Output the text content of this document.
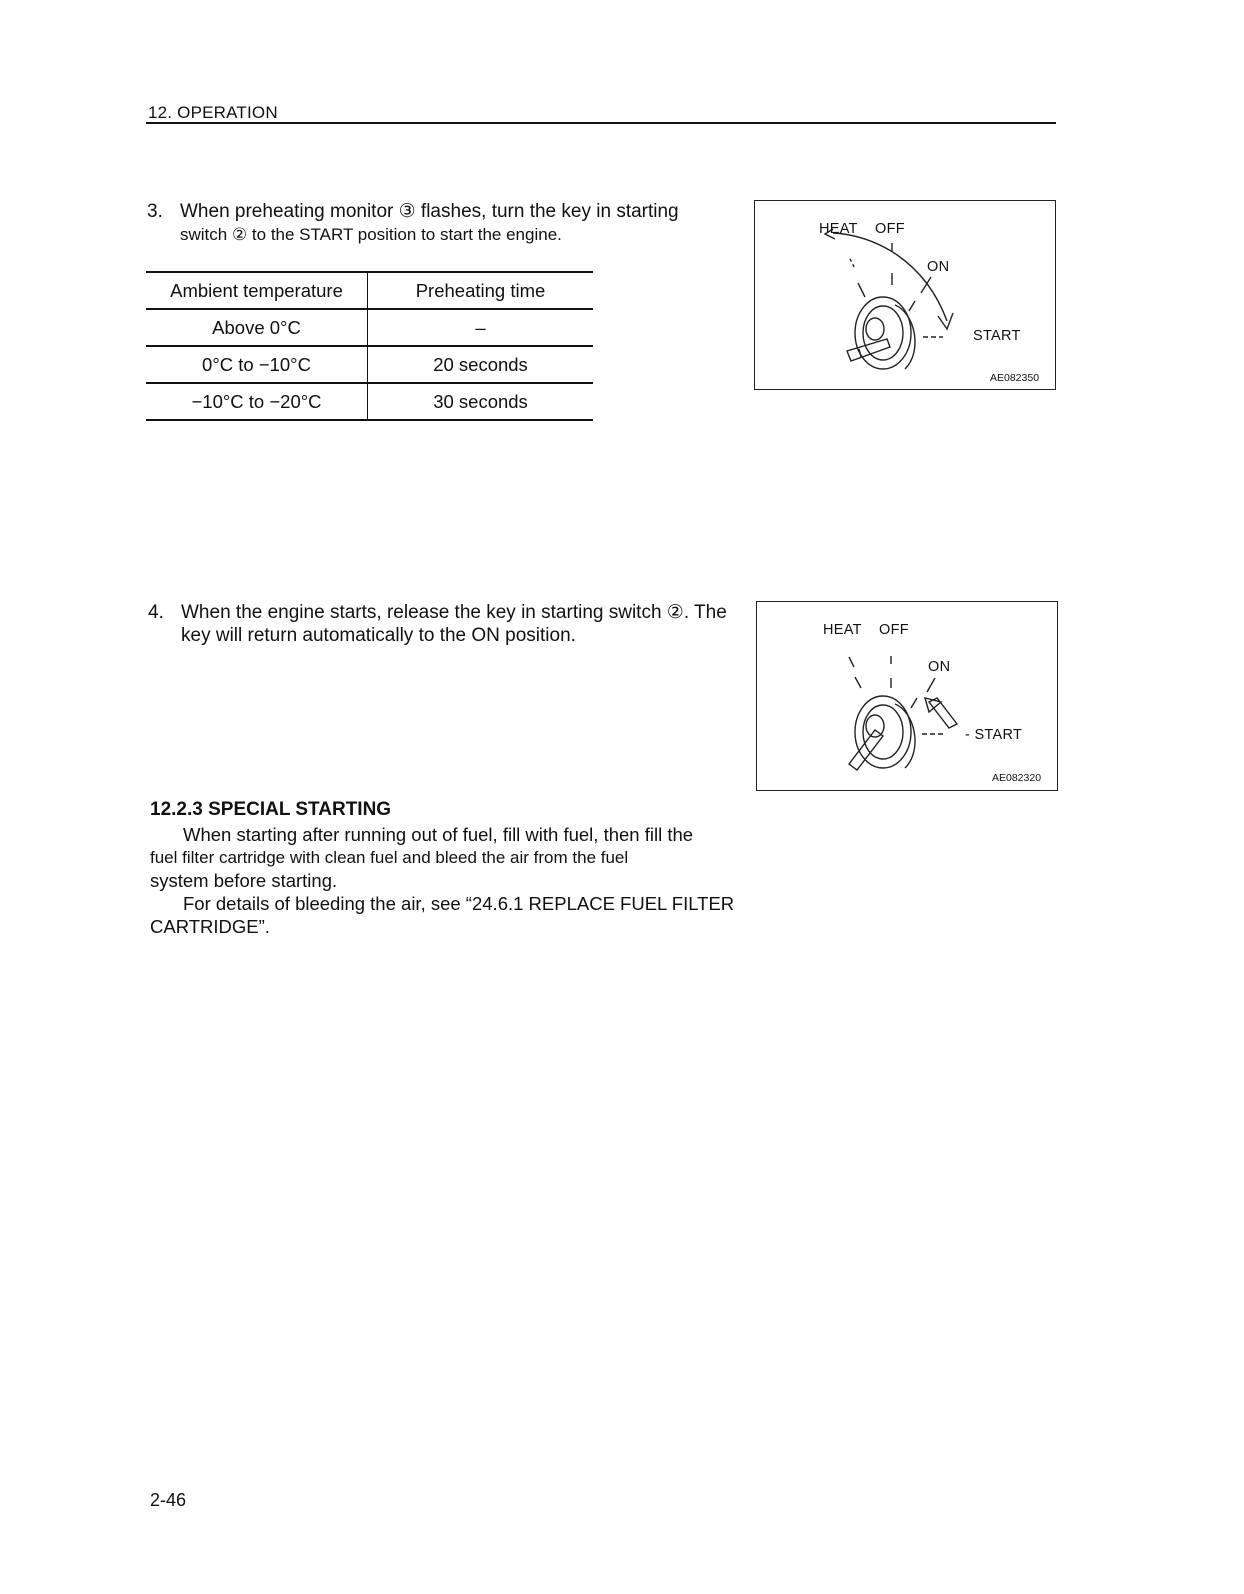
12. OPERATION
3. When preheating monitor ③ flashes, turn the key in starting
switch ② to the START position to start the engine.
Ambient temperature	Preheating time
Above 0°C	–
0°C to −10°C	20 seconds
−10°C to −20°C	30 seconds
HEAT OFF
ON
START
AE082350
4. When the engine starts, release the key in starting switch ②. The
key will return automatically to the ON position.	HEAT OFF
ON
- START
AE082320
12.2.3 SPECIAL STARTING
When starting after running out of fuel, fill with fuel, then fill the
fuel filter cartridge with clean fuel and bleed the air from the fuel
system before starting.
For details of bleeding the air, see “24.6.1 REPLACE FUEL FILTER
CARTRIDGE”.
2-46
